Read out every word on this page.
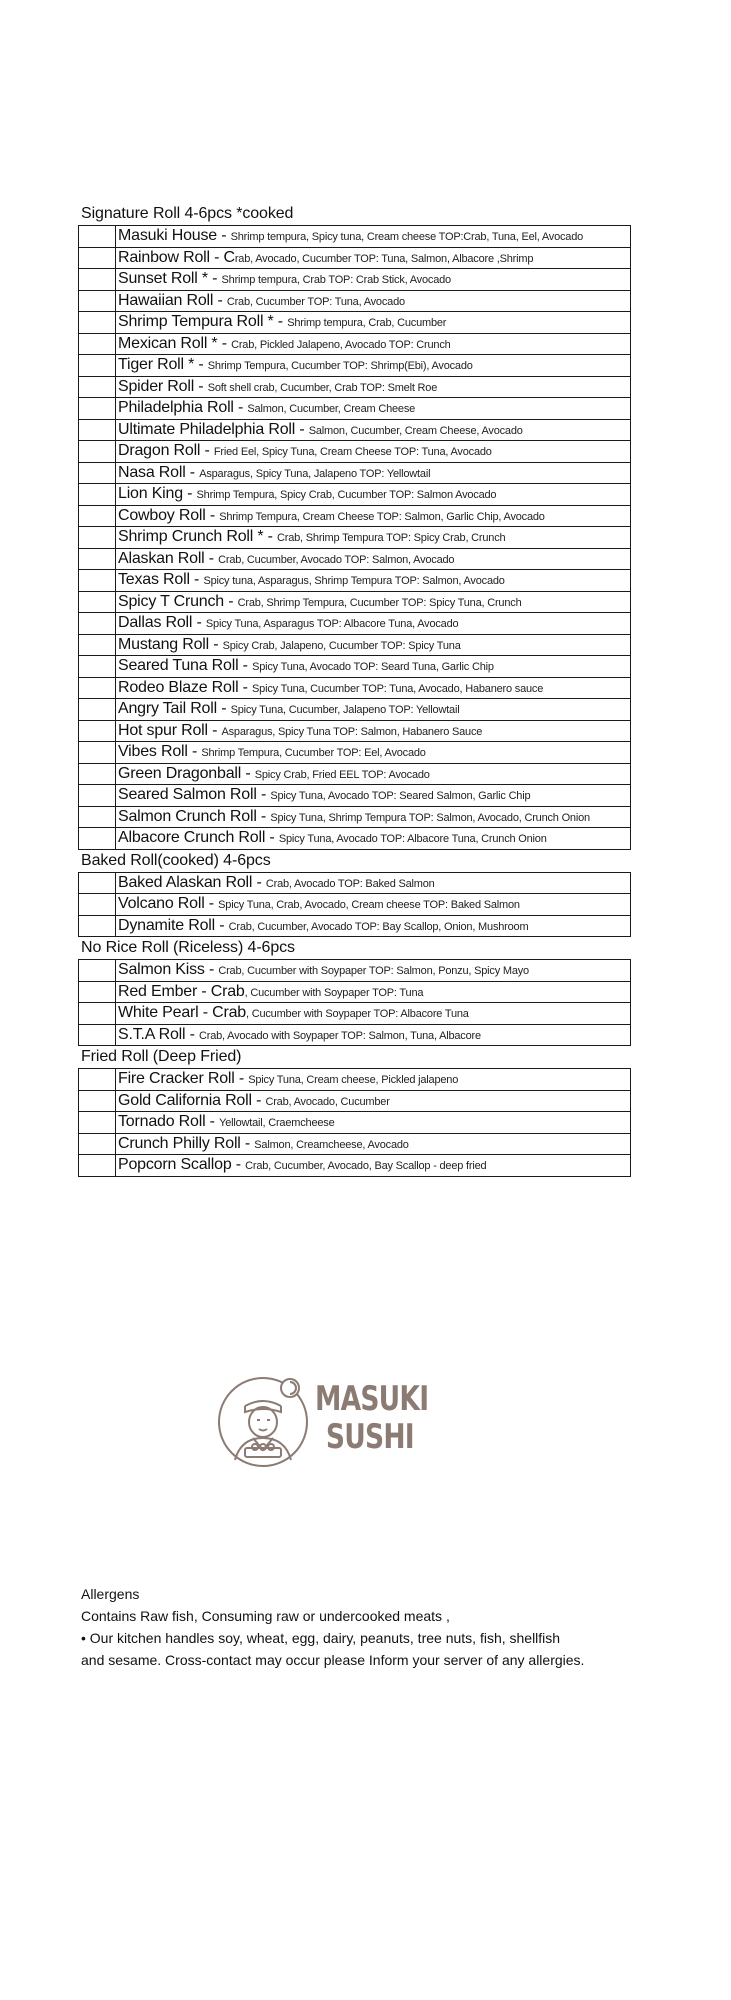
Signature Roll 4-6pcs *cooked
	Masuki House - Shrimp tempura, Spicy tuna, Cream cheese TOP:Crab, Tuna, Eel, Avocado
	Rainbow Roll - Crab, Avocado, Cucumber TOP: Tuna, Salmon, Albacore ,Shrimp
	Sunset Roll * - Shrimp tempura, Crab TOP: Crab Stick, Avocado
	Hawaiian Roll - Crab, Cucumber TOP: Tuna, Avocado
	Shrimp Tempura Roll * - Shrimp tempura, Crab, Cucumber
	Mexican Roll * - Crab, Pickled Jalapeno, Avocado TOP: Crunch
	Tiger Roll * - Shrimp Tempura, Cucumber TOP: Shrimp(Ebi), Avocado
	Spider Roll - Soft shell crab, Cucumber, Crab TOP: Smelt Roe
	Philadelphia Roll - Salmon, Cucumber, Cream Cheese
	Ultimate Philadelphia Roll - Salmon, Cucumber, Cream Cheese, Avocado
	Dragon Roll - Fried Eel, Spicy Tuna, Cream Cheese TOP: Tuna, Avocado
	Nasa Roll - Asparagus, Spicy Tuna, Jalapeno TOP: Yellowtail
	Lion King - Shrimp Tempura, Spicy Crab, Cucumber TOP: Salmon Avocado
	Cowboy Roll - Shrimp Tempura, Cream Cheese TOP: Salmon, Garlic Chip, Avocado
	Shrimp Crunch Roll * - Crab, Shrimp Tempura TOP: Spicy Crab, Crunch
	Alaskan Roll - Crab, Cucumber, Avocado TOP: Salmon, Avocado
	Texas Roll - Spicy tuna, Asparagus, Shrimp Tempura TOP: Salmon, Avocado
	Spicy T Crunch - Crab, Shrimp Tempura, Cucumber TOP: Spicy Tuna, Crunch
	Dallas Roll - Spicy Tuna, Asparagus TOP: Albacore Tuna, Avocado
	Mustang Roll - Spicy Crab, Jalapeno, Cucumber TOP: Spicy Tuna
	Seared Tuna Roll - Spicy Tuna, Avocado TOP: Seard Tuna, Garlic Chip
	Rodeo Blaze Roll - Spicy Tuna, Cucumber TOP: Tuna, Avocado, Habanero sauce
	Angry Tail Roll - Spicy Tuna, Cucumber, Jalapeno TOP: Yellowtail
	Hot spur Roll - Asparagus, Spicy Tuna TOP: Salmon, Habanero Sauce
	Vibes Roll - Shrimp Tempura, Cucumber TOP: Eel, Avocado
	Green Dragonball - Spicy Crab, Fried EEL TOP: Avocado
	Seared Salmon Roll - Spicy Tuna, Avocado TOP: Seared Salmon, Garlic Chip
	Salmon Crunch Roll - Spicy Tuna, Shrimp Tempura TOP: Salmon, Avocado, Crunch Onion
	Albacore Crunch Roll - Spicy Tuna, Avocado TOP: Albacore Tuna, Crunch Onion
Baked Roll(cooked) 4-6pcs
	Baked Alaskan Roll - Crab, Avocado TOP: Baked Salmon
	Volcano Roll - Spicy Tuna, Crab, Avocado, Cream cheese TOP: Baked Salmon
	Dynamite Roll - Crab, Cucumber, Avocado TOP: Bay Scallop, Onion, Mushroom
No Rice Roll (Riceless) 4-6pcs
	Salmon Kiss - Crab, Cucumber with Soypaper TOP: Salmon, Ponzu, Spicy Mayo
	Red Ember - Crab, Cucumber with Soypaper TOP: Tuna
	White Pearl - Crab, Cucumber with Soypaper TOP: Albacore Tuna
	S.T.A Roll - Crab, Avocado with Soypaper TOP: Salmon, Tuna, Albacore
Fried Roll (Deep Fried)
	Fire Cracker Roll - Spicy Tuna, Cream cheese, Pickled jalapeno
	Gold California Roll - Crab, Avocado, Cucumber
	Tornado Roll - Yellowtail, Craemcheese
	Crunch Philly Roll - Salmon, Creamcheese, Avocado
	Popcorn Scallop - Crab, Cucumber, Avocado, Bay Scallop - deep fried
MASUKI
SUSHI
Allergens
Contains Raw fish, Consuming raw or undercooked meats ,
• Our kitchen handles soy, wheat, egg, dairy, peanuts, tree nuts, fish, shellfish
and sesame. Cross-contact may occur please Inform your server of any allergies.
